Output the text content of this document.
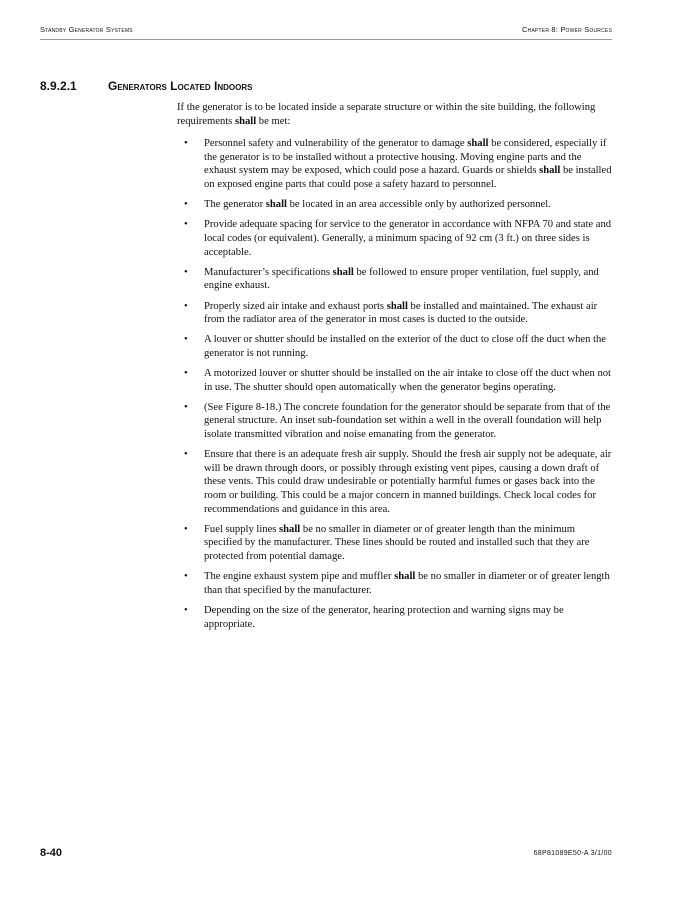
Standby Generator Systems	Chapter 8: Power Sources
8.9.2.1	Generators Located Indoors

If the generator is to be located inside a separate structure or within the site building, the following requirements shall be met:

• Personnel safety and vulnerability of the generator to damage shall be considered, especially if the generator is to be installed without a protective housing. Moving engine parts and the exhaust system may be exposed, which could pose a hazard. Guards or shields shall be installed on exposed engine parts that could pose a safety hazard to personnel.
• The generator shall be located in an area accessible only by authorized personnel.
• Provide adequate spacing for service to the generator in accordance with NFPA 70 and state and local codes (or equivalent). Generally, a minimum spacing of 92 cm (3 ft.) on three sides is acceptable.
• Manufacturer’s specifications shall be followed to ensure proper ventilation, fuel supply, and engine exhaust.
• Properly sized air intake and exhaust ports shall be installed and maintained. The exhaust air from the radiator area of the generator in most cases is ducted to the outside.
• A louver or shutter should be installed on the exterior of the duct to close off the duct when the generator is not running.
• A motorized louver or shutter should be installed on the air intake to close off the duct when not in use. The shutter should open automatically when the generator begins operating.
• (See Figure 8-18.) The concrete foundation for the generator should be separate from that of the general structure. An inset sub-foundation set within a well in the overall foundation will help isolate transmitted vibration and noise emanating from the generator.
• Ensure that there is an adequate fresh air supply. Should the fresh air supply not be adequate, air will be drawn through doors, or possibly through existing vent pipes, causing a down draft of these vents. This could draw undesirable or potentially harmful fumes or gases back into the room or building. This could be a major concern in manned buildings. Check local codes for recommendations and guidance in this area.
• Fuel supply lines shall be no smaller in diameter or of greater length than the minimum specified by the manufacturer. These lines should be routed and installed such that they are protected from potential damage.
• The engine exhaust system pipe and muffler shall be no smaller in diameter or of greater length than that specified by the manufacturer.
• Depending on the size of the generator, hearing protection and warning signs may be appropriate.
8-40	68P81089E50-A 3/1/00
